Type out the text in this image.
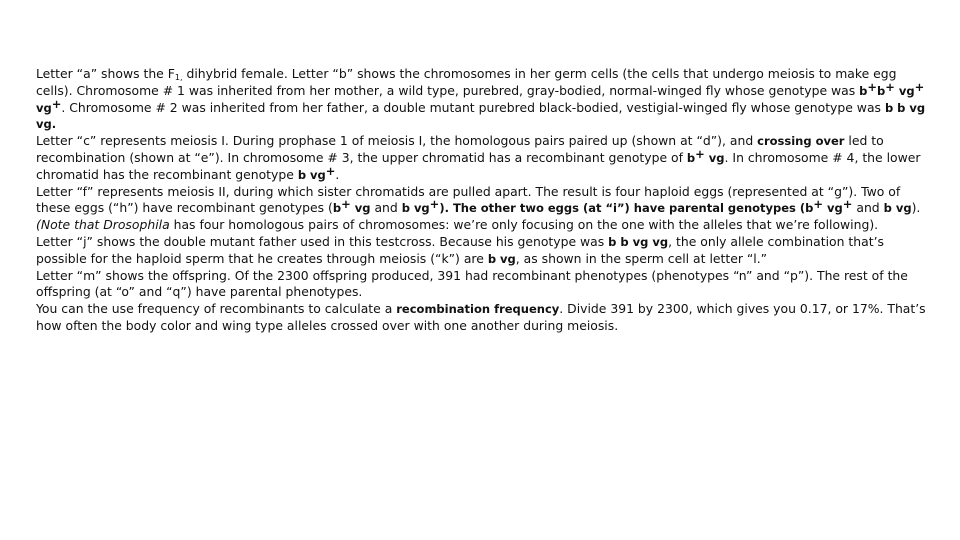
Letter “a” shows the $F_{1,}$ dihybrid female. Letter “b” shows the chromosomes in her germ cells (the cells that undergo meiosis to make egg cells). Chromosome # 1 was inherited from her mother, a wild type, purebred, gray-bodied, normal-winged fly whose genotype was b+b+ vg+ vg+. Chromosome # 2 was inherited from her father, a double mutant purebred black-bodied, vestigial-winged fly whose genotype was b b vg vg.

Letter “c” represents meiosis I. During prophase 1 of meiosis I, the homologous pairs paired up (shown at “d”), and crossing over led to recombination (shown at “e”). In chromosome # 3, the upper chromatid has a recombinant genotype of b+ vg. In chromosome # 4, the lower chromatid has the recombinant genotype b vg+.

Letter “f” represents meiosis II, during which sister chromatids are pulled apart. The result is four haploid eggs (represented at “g”). Two of these eggs (“h”) have recombinant genotypes (b+ vg and b vg+). The other two eggs (at “i”) have parental genotypes (b+ vg+ and b vg). (Note that Drosophila has four homologous pairs of chromosomes: we’re only focusing on the one with the alleles that we’re following).

Letter “j” shows the double mutant father used in this testcross. Because his genotype was b b vg vg, the only allele combination that’s possible for the haploid sperm that he creates through meiosis (“k”) are b vg, as shown in the sperm cell at letter “l.”

Letter “m” shows the offspring. Of the 2300 offspring produced, 391 had recombinant phenotypes (phenotypes “n” and “p”). The rest of the offspring (at “o” and “q”) have parental phenotypes.

You can the use frequency of recombinants to calculate a recombination frequency. Divide 391 by 2300, which gives you 0.17, or 17%. That’s how often the body color and wing type alleles crossed over with one another during meiosis.
